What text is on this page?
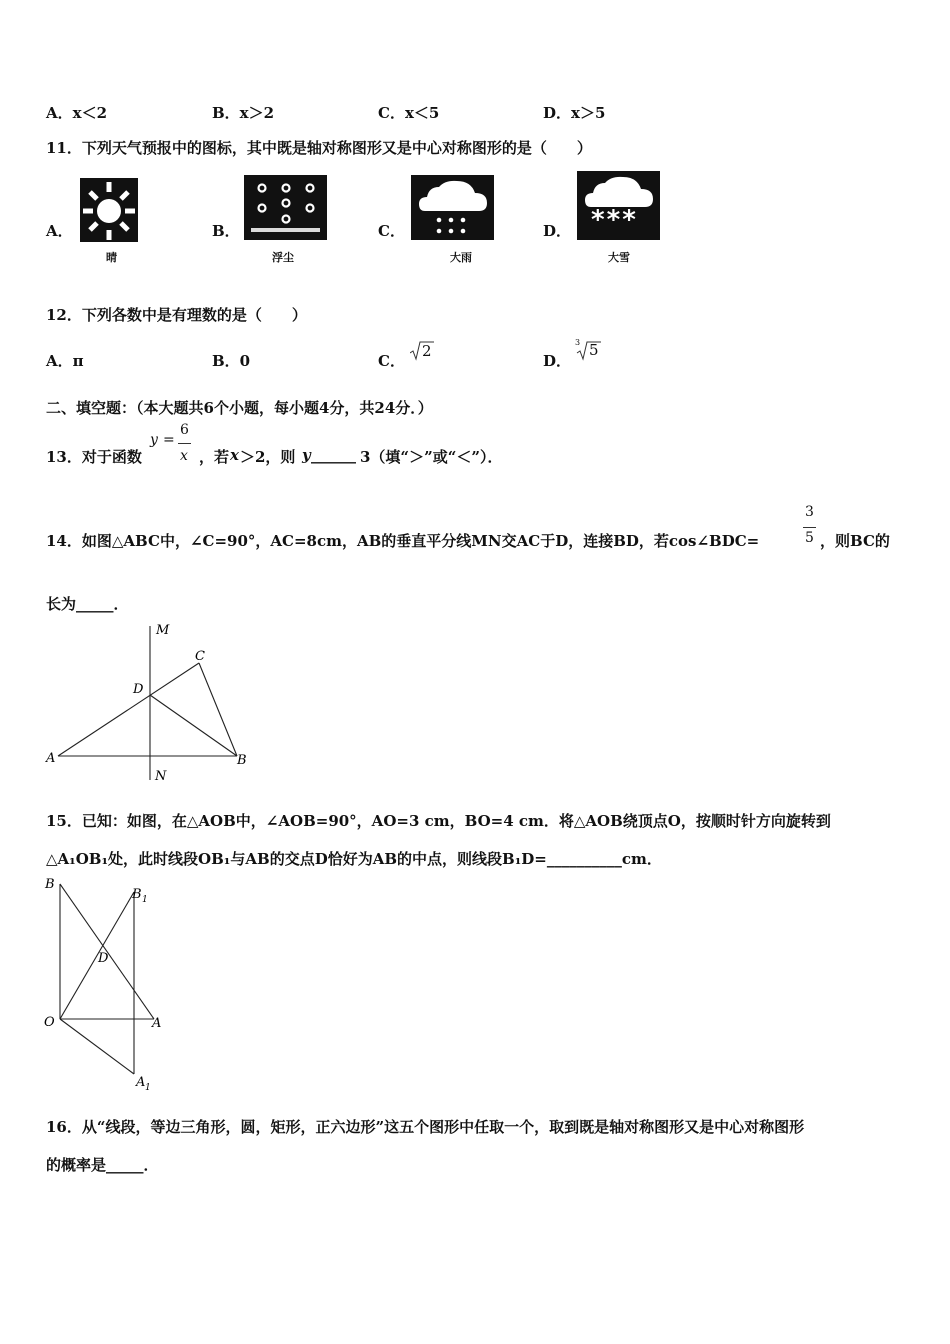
A．x＜2	B．x＞2	C．x＜5	D．x＞5
11．下列天气预报中的图标，其中既是轴对称图形又是中心对称图形的是（　　）
A．	B．	C．	D．
晴	浮尘	大雨
***
大雪
12．下列各数中是有理数的是（　　）
A．π	B．0	C．
2
D．
3 5
二、填空题：（本大题共6个小题，每小题4分，共24分．）
13．对于函数
y =
6
x ，若 x ＞2，则 y ______ 3（填“＞”或“＜”）．
14．如图△ABC中，∠C=90°，AC=8cm，AB的垂直平分线MN交AC于D，连接BD，若cos∠BDC=
3
5 ，则BC的
长为_____．
M
C
D
A	B
N
15．已知：如图，在△AOB中，∠AOB=90°，AO=3 cm，BO=4 cm．将△AOB绕顶点O，按顺时针方向旋转到
△A₁OB₁处，此时线段OB₁与AB的交点D恰好为AB的中点，则线段B₁D=__________cm．
B
B 1
D
O	A
A 1
16．从“线段，等边三角形，圆，矩形，正六边形”这五个图形中任取一个，取到既是轴对称图形又是中心对称图形
的概率是_____．
